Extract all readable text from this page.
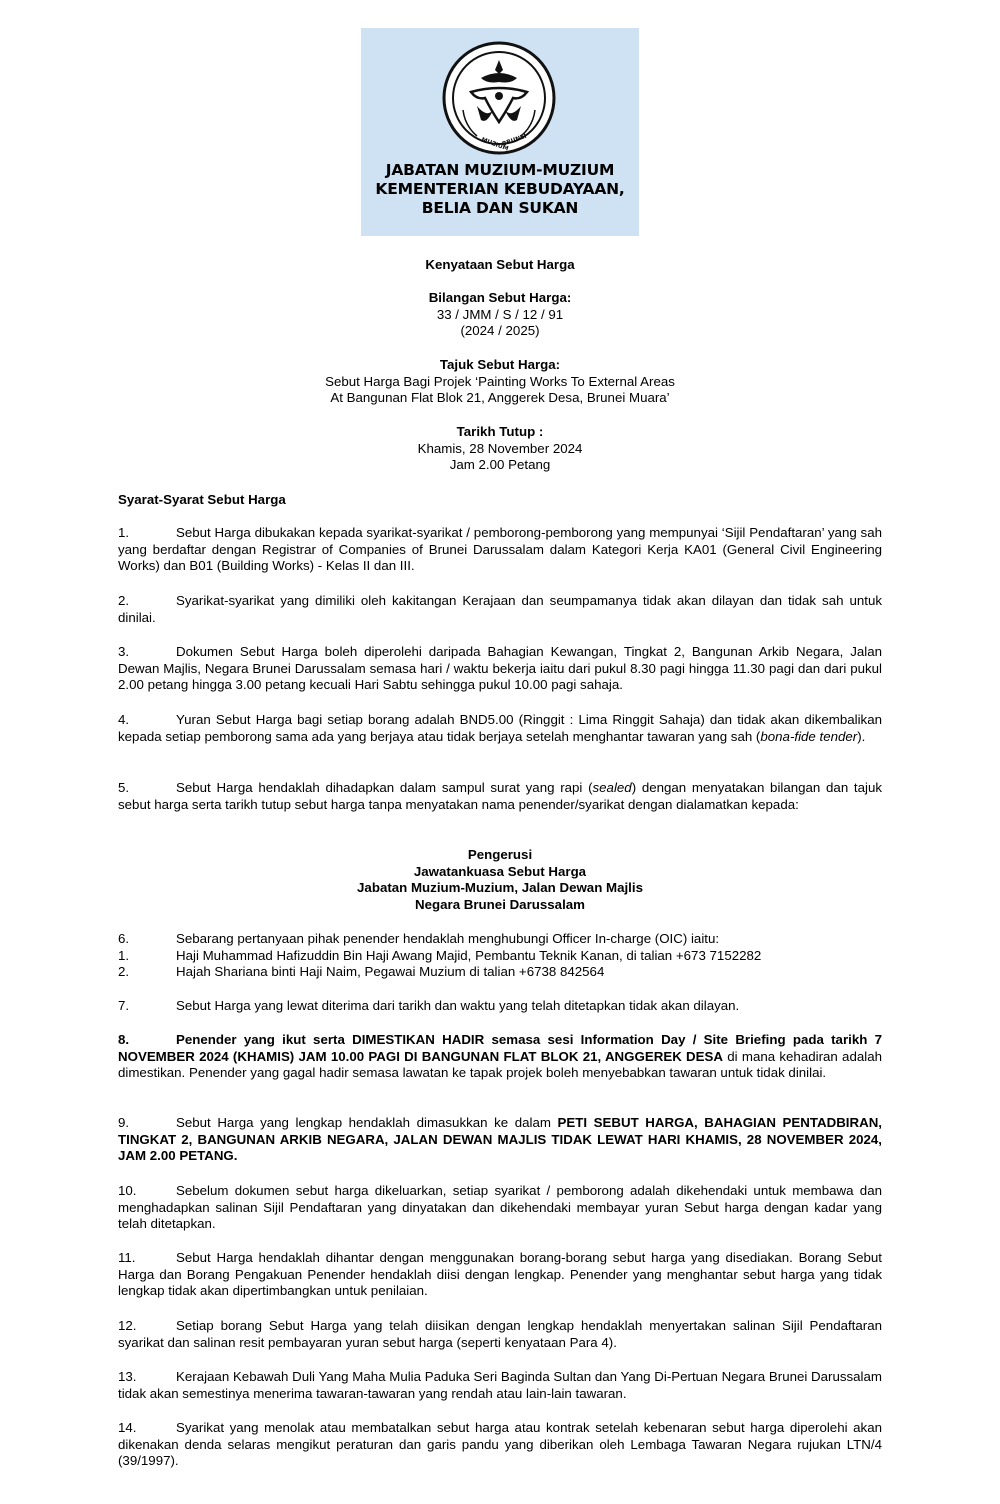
MUZIUM
BRUNEI
JABATAN MUZIUM-MUZIUM
KEMENTERIAN KEBUDAYAAN,
BELIA DAN SUKAN
Kenyataan Sebut Harga
Bilangan Sebut Harga:
33 / JMM / S / 12 / 91
(2024 / 2025)
Tajuk Sebut Harga:
Sebut Harga Bagi Projek ‘Painting Works To External Areas
At Bangunan Flat Blok 21, Anggerek Desa, Brunei Muara’
Tarikh Tutup :
Khamis, 28 November 2024
Jam 2.00 Petang
Syarat-Syarat Sebut Harga
1.	Sebut Harga dibukakan kepada syarikat-syarikat / pemborong-pemborong yang mempunyai ‘Sijil Pendaftaran’ yang sah yang berdaftar dengan Registrar of Companies of Brunei Darussalam dalam Kategori Kerja KA01 (General Civil Engineering Works) dan B01 (Building Works) - Kelas II dan III.
2.	Syarikat-syarikat yang dimiliki oleh kakitangan Kerajaan dan seumpamanya tidak akan dilayan dan tidak sah untuk dinilai.
3.	Dokumen Sebut Harga boleh diperolehi daripada Bahagian Kewangan, Tingkat 2, Bangunan Arkib Negara, Jalan Dewan Majlis, Negara Brunei Darussalam semasa hari / waktu bekerja iaitu dari pukul 8.30 pagi hingga 11.30 pagi dan dari pukul 2.00 petang hingga 3.00 petang kecuali Hari Sabtu sehingga pukul 10.00 pagi sahaja.
4.	Yuran Sebut Harga bagi setiap borang adalah BND5.00 (Ringgit : Lima Ringgit Sahaja) dan tidak akan dikembalikan kepada setiap pemborong sama ada yang berjaya atau tidak berjaya setelah menghantar tawaran yang sah (bona-fide tender).
5.	Sebut Harga hendaklah dihadapkan dalam sampul surat yang rapi (sealed) dengan menyatakan bilangan dan tajuk sebut harga serta tarikh tutup sebut harga tanpa menyatakan nama penender/syarikat dengan dialamatkan kepada:
Pengerusi
Jawatankuasa Sebut Harga
Jabatan Muzium-Muzium, Jalan Dewan Majlis
Negara Brunei Darussalam
6.	Sebarang pertanyaan pihak penender hendaklah menghubungi Officer In-charge (OIC) iaitu:
1.	Haji Muhammad Hafizuddin Bin Haji Awang Majid, Pembantu Teknik Kanan, di talian +673 7152282
2.	Hajah Shariana binti Haji Naim, Pegawai Muzium di talian +6738 842564
7.	Sebut Harga yang lewat diterima dari tarikh dan waktu yang telah ditetapkan tidak akan dilayan.
8.	Penender yang ikut serta DIMESTIKAN HADIR semasa sesi Information Day / Site Briefing pada tarikh 7 NOVEMBER 2024 (KHAMIS) JAM 10.00 PAGI DI BANGUNAN FLAT BLOK 21, ANGGEREK DESA di mana kehadiran adalah dimestikan. Penender yang gagal hadir semasa lawatan ke tapak projek boleh menyebabkan tawaran untuk tidak dinilai.
9.	Sebut Harga yang lengkap hendaklah dimasukkan ke dalam PETI SEBUT HARGA, BAHAGIAN PENTADBIRAN, TINGKAT 2, BANGUNAN ARKIB NEGARA, JALAN DEWAN MAJLIS TIDAK LEWAT HARI KHAMIS, 28 NOVEMBER 2024, JAM 2.00 PETANG.
10.	Sebelum dokumen sebut harga dikeluarkan, setiap syarikat / pemborong adalah dikehendaki untuk membawa dan menghadapkan salinan Sijil Pendaftaran yang dinyatakan dan dikehendaki membayar yuran Sebut harga dengan kadar yang telah ditetapkan.
11.	Sebut Harga hendaklah dihantar dengan menggunakan borang-borang sebut harga yang disediakan. Borang Sebut Harga dan Borang Pengakuan Penender hendaklah diisi dengan lengkap. Penender yang menghantar sebut harga yang tidak lengkap tidak akan dipertimbangkan untuk penilaian.
12.	Setiap borang Sebut Harga yang telah diisikan dengan lengkap hendaklah menyertakan salinan Sijil Pendaftaran syarikat dan salinan resit pembayaran yuran sebut harga (seperti kenyataan Para 4).
13.	Kerajaan Kebawah Duli Yang Maha Mulia Paduka Seri Baginda Sultan dan Yang Di-Pertuan Negara Brunei Darussalam tidak akan semestinya menerima tawaran-tawaran yang rendah atau lain-lain tawaran.
14.	Syarikat yang menolak atau membatalkan sebut harga atau kontrak setelah kebenaran sebut harga diperolehi akan dikenakan denda selaras mengikut peraturan dan garis pandu yang diberikan oleh Lembaga Tawaran Negara rujukan LTN/4 (39/1997).
